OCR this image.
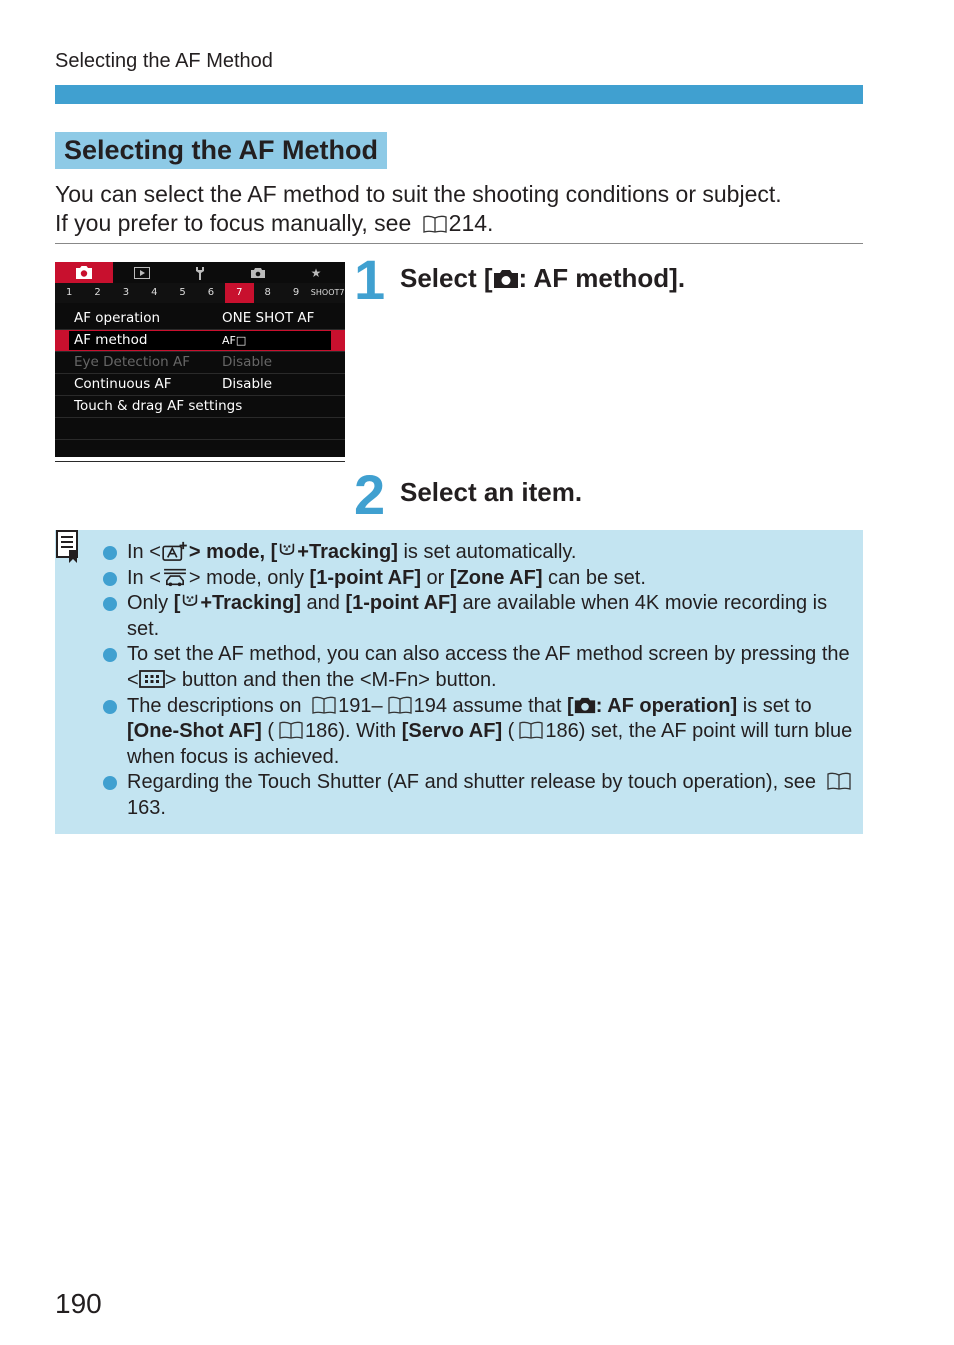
Selecting the AF Method
Selecting the AF Method
You can select the AF method to suit the shooting conditions or subject.
If you prefer to focus manually, see
214.
★
1	2	3	4	5	6	7	8	9	SHOOT7
AF operation	ONE SHOT AF
AF method	AF□
Eye Detection AF Disable
Continuous AF	Disable
Touch & drag AF settings
1 Select [ : AF method].
2 Select an item.
In < > mode, [ +Tracking] is set automatically.
In < > mode, only [1-point AF] or [Zone AF] can be set.
Only [ +Tracking] and [1-point AF] are available when 4K movie recording is set.
To set the AF method, you can also access the AF method screen by pressing the < > button and then the <M-Fn> button.
The descriptions on
191– 194 assume that [ : AF operation] is set to [One-Shot AF] ( 186). With [Servo AF] ( 186) set, the AF point will turn blue when focus is achieved.
Regarding the Touch Shutter (AF and shutter release by touch operation), see
163.
190
